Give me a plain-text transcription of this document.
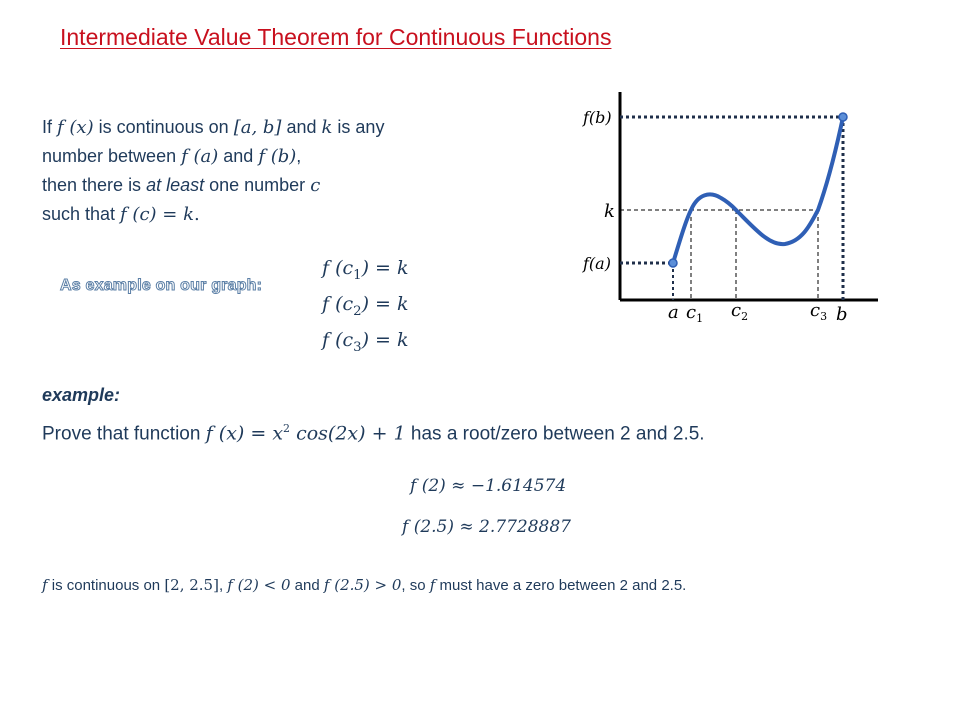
Intermediate Value Theorem for Continuous Functions
If f (x) is continuous on [a, b] and k is any
number between f (a) and f (b),
then there is at least one number c
such that f (c) = k.
As example on our graph:
f $(c_1) = k$
f $(c_2) = k$
f $(c_3) = k$
f(b)
k
f(a)
a $c_1$ $c_2$	$c_3$ b
example:
Prove that function f $(x) = x^2$ cos(2x) + 1 has a root/zero between 2 and 2.5.
f (2) ≈ −1.614574
f (2.5) ≈ 2.7728887
f is continuous on [2, 2.5], f (2) < 0 and f (2.5) > 0, so f must have a zero between 2 and 2.5.
